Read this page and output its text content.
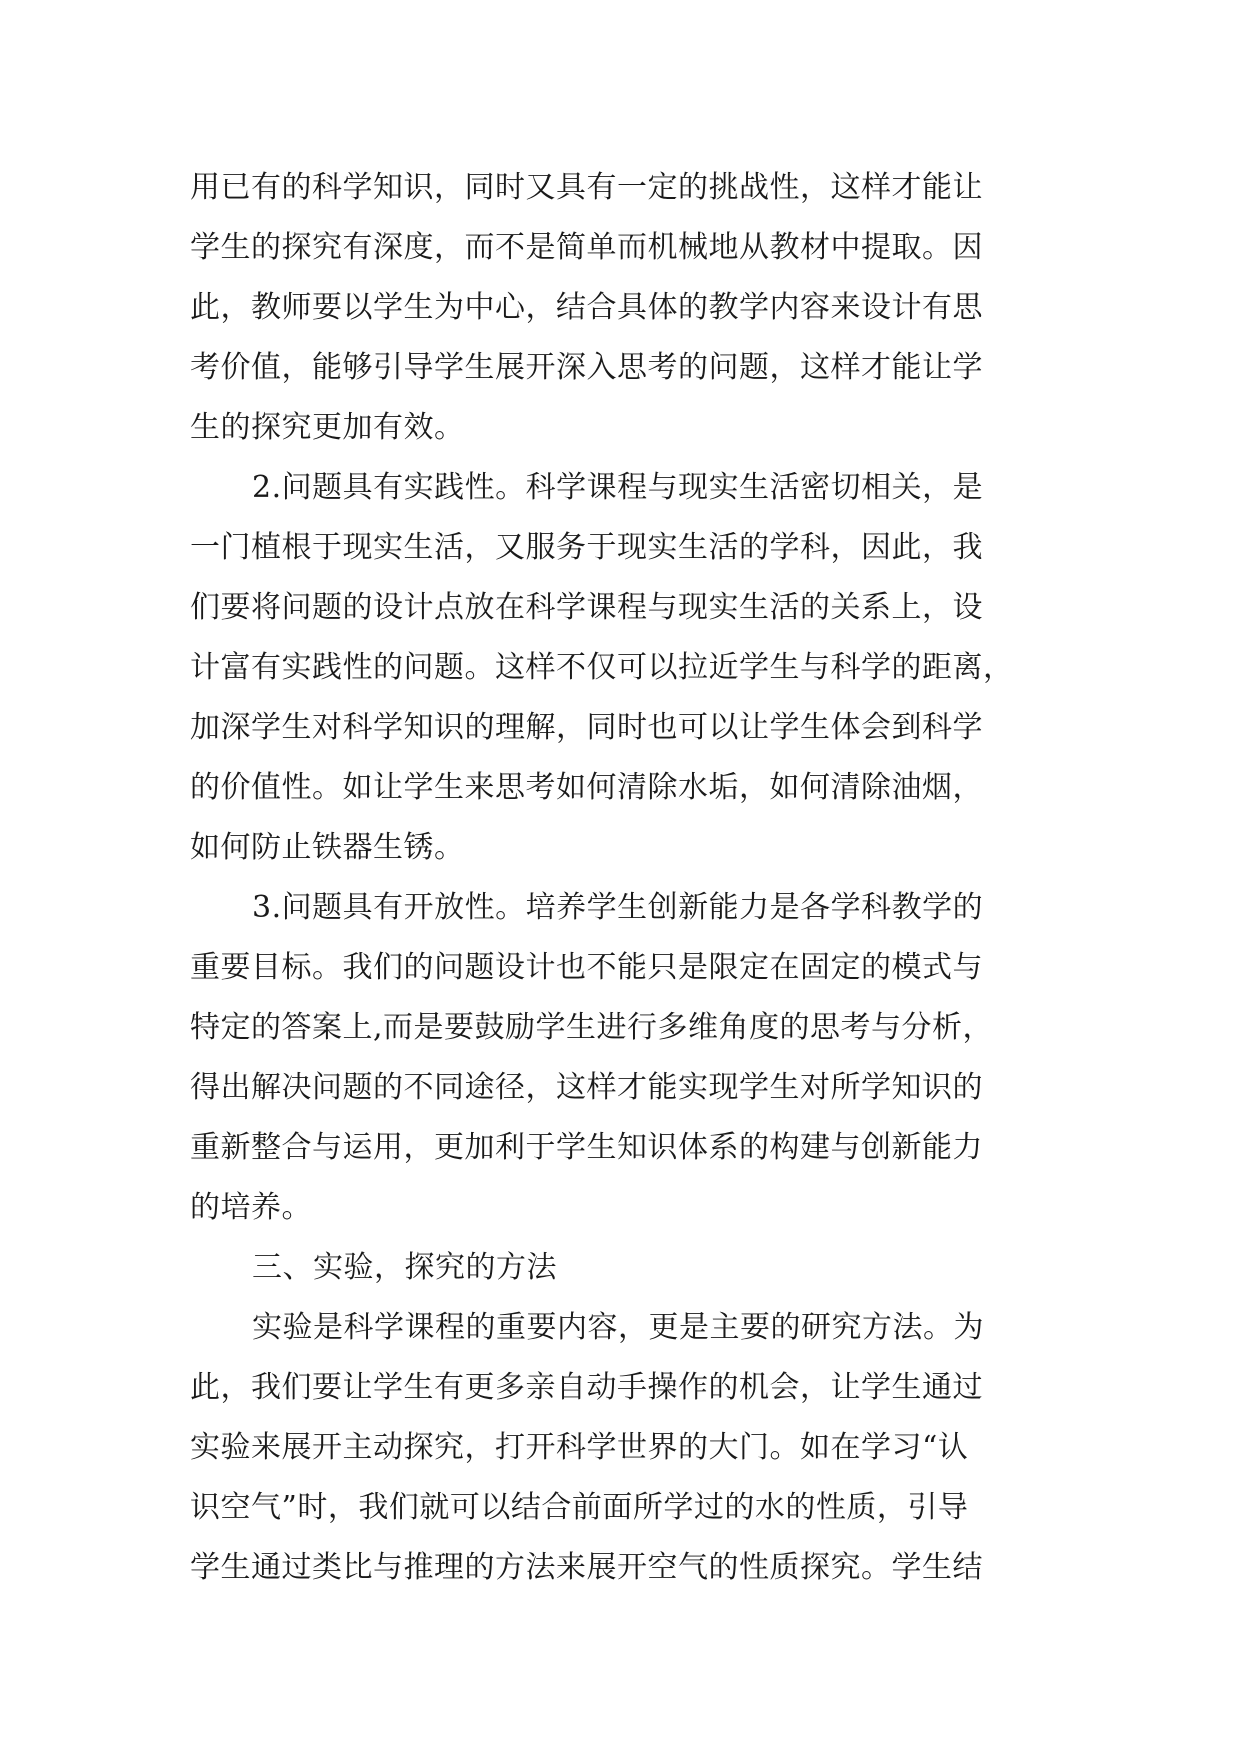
用已有的科学知识，同时又具有一定的挑战性，这样才能让
学生的探究有深度，而不是简单而机械地从教材中提取。因
此，教师要以学生为中心，结合具体的教学内容来设计有思
考价值，能够引导学生展开深入思考的问题，这样才能让学
生的探究更加有效。
2.问题具有实践性。科学课程与现实生活密切相关，是
一门植根于现实生活，又服务于现实生活的学科，因此，我
们要将问题的设计点放在科学课程与现实生活的关系上，设
计富有实践性的问题。这样不仅可以拉近学生与科学的距离，
加深学生对科学知识的理解，同时也可以让学生体会到科学
的价值性。如让学生来思考如何清除水垢，如何清除油烟，
如何防止铁器生锈。
3.问题具有开放性。培养学生创新能力是各学科教学的
重要目标。我们的问题设计也不能只是限定在固定的模式与
特定的答案上,而是要鼓励学生进行多维角度的思考与分析，
得出解决问题的不同途径，这样才能实现学生对所学知识的
重新整合与运用，更加利于学生知识体系的构建与创新能力
的培养。
三、实验，探究的方法
实验是科学课程的重要内容，更是主要的研究方法。为
此，我们要让学生有更多亲自动手操作的机会，让学生通过
实验来展开主动探究，打开科学世界的大门。如在学习“认
识空气”时，我们就可以结合前面所学过的水的性质，引导
学生通过类比与推理的方法来展开空气的性质探究。学生结
